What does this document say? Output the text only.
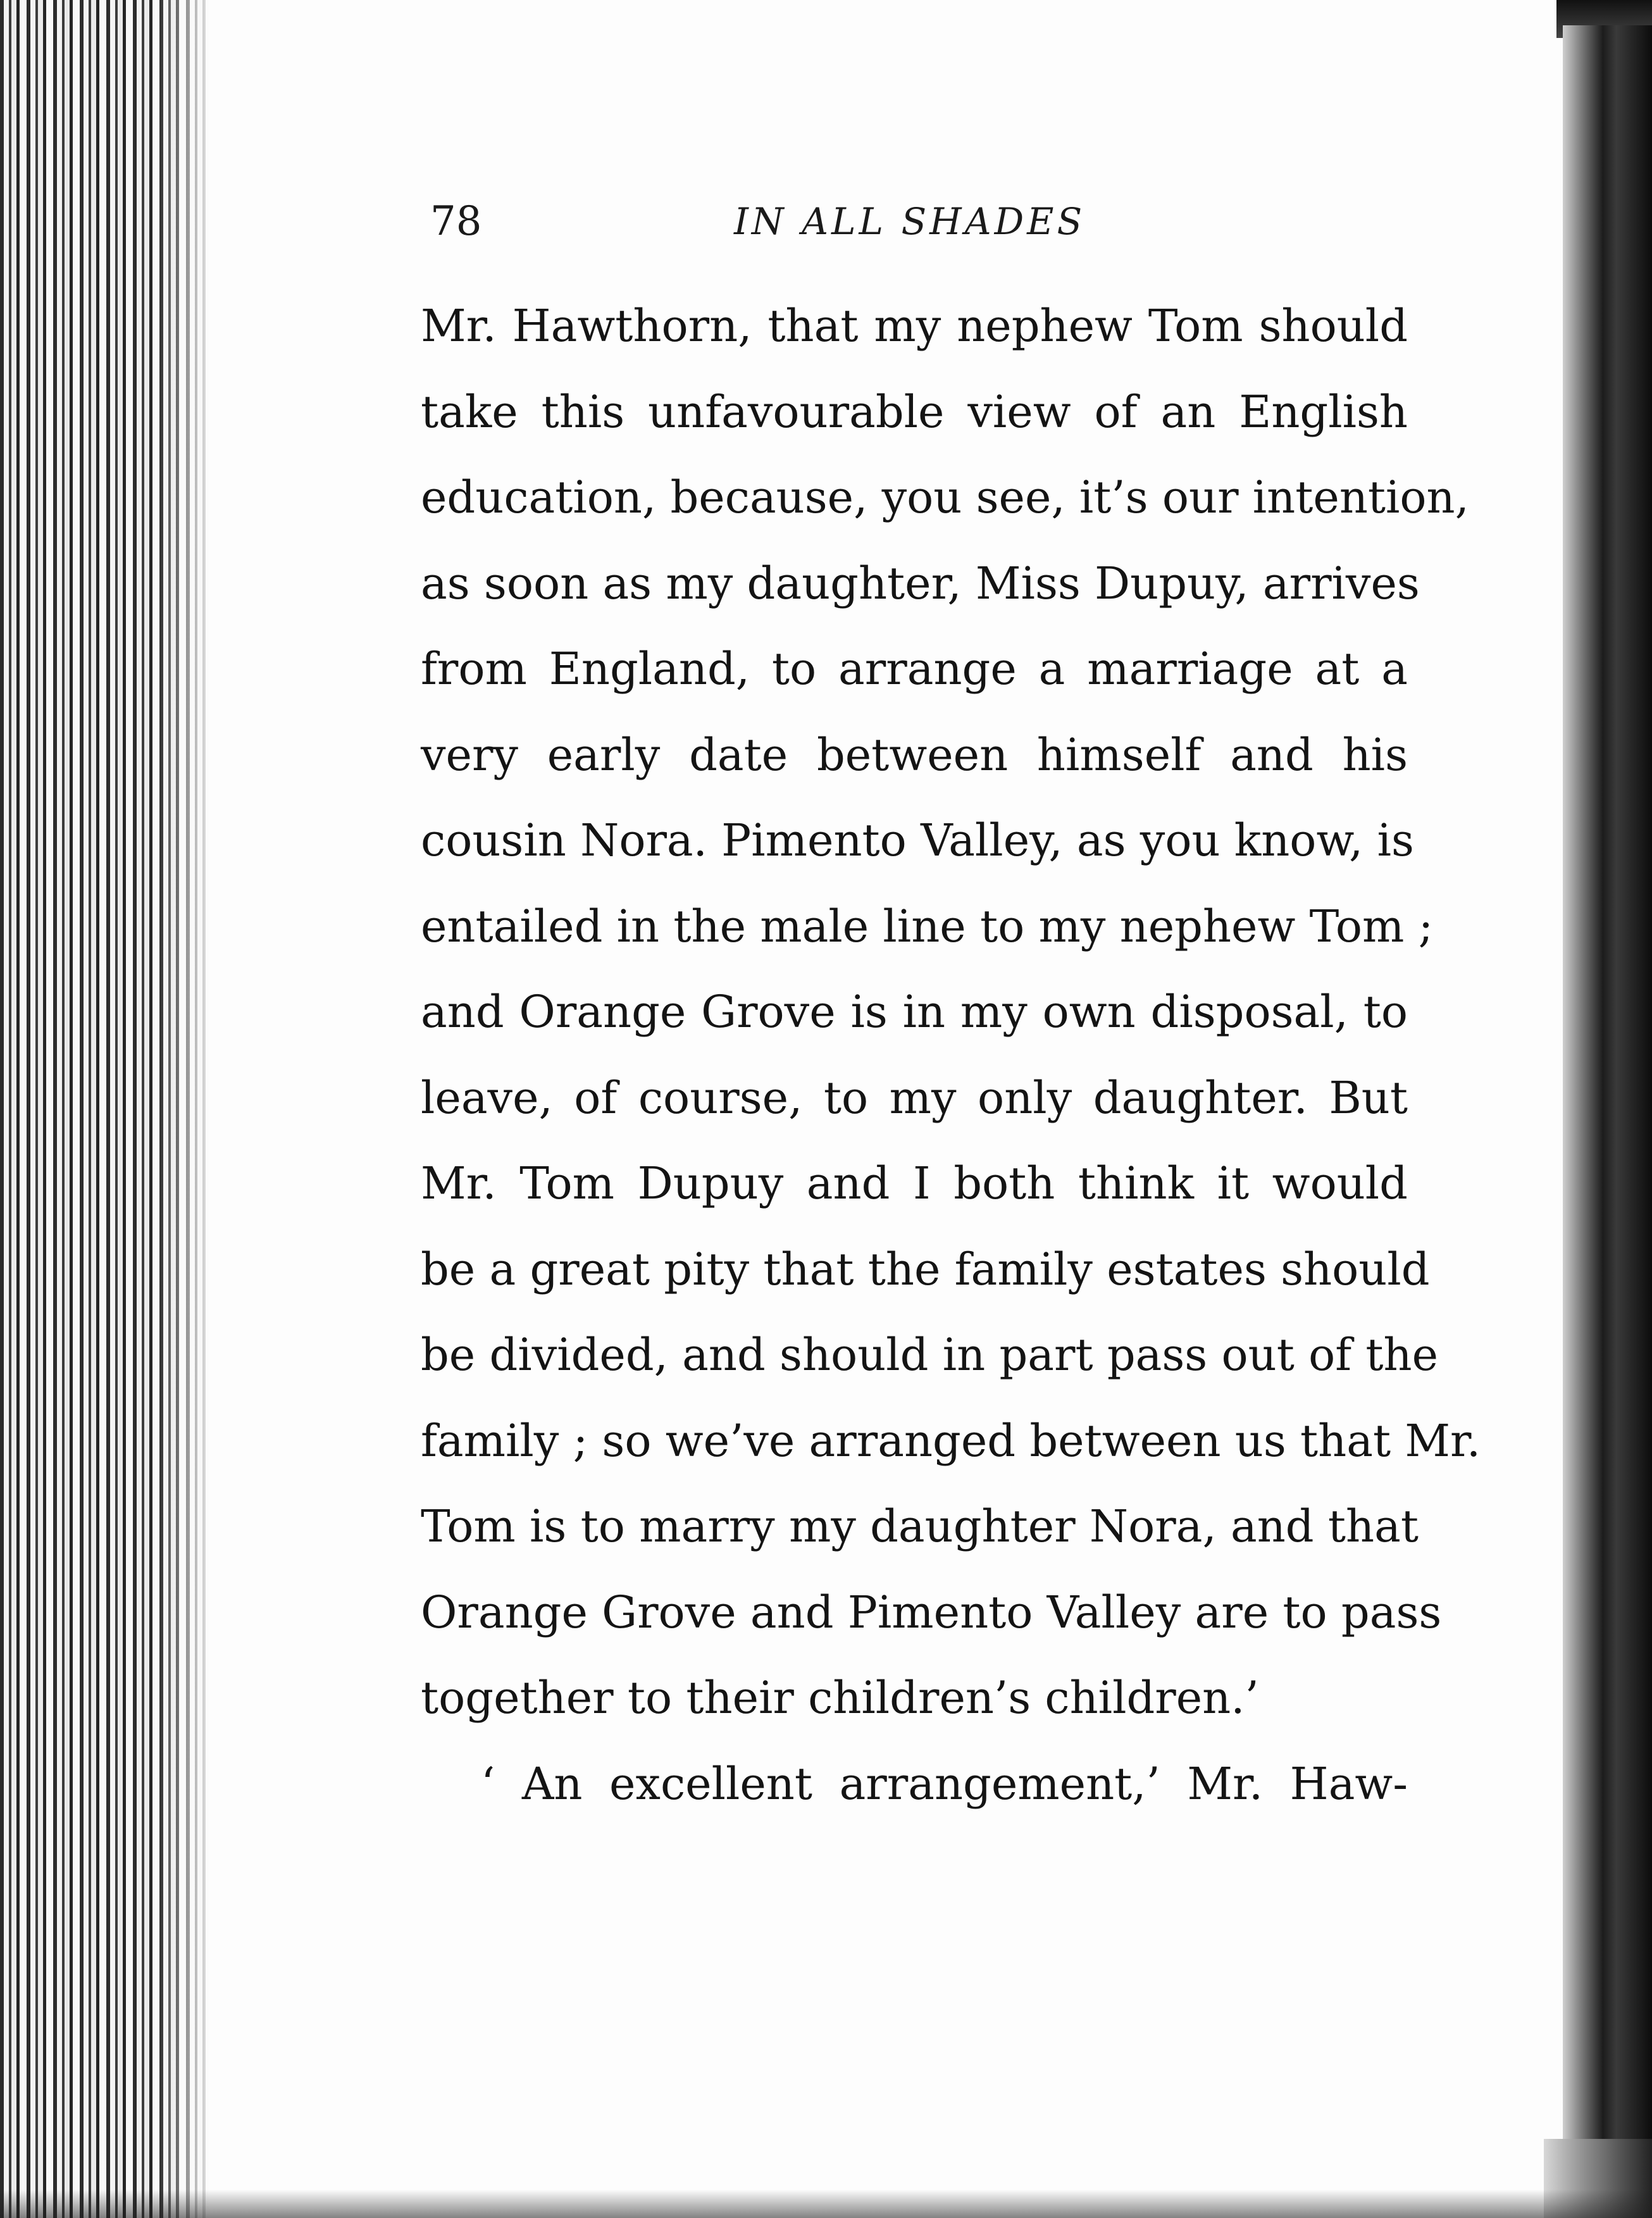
78	IN ALL SHADES
Mr. Hawthorn, that my nephew Tom should
take this unfavourable view of an English
education, because, you see, it’s our intention,
as soon as my daughter, Miss Dupuy, arrives
from England, to arrange a marriage at a
very early date between himself and his
cousin Nora. Pimento Valley, as you know, is
entailed in the male line to my nephew Tom ;
and Orange Grove is in my own disposal, to
leave, of course, to my only daughter. But
Mr. Tom Dupuy and I both think it would
be a great pity that the family estates should
be divided, and should in part pass out of the
family ; so we’ve arranged between us that Mr.
Tom is to marry my daughter Nora, and that
Orange Grove and Pimento Valley are to pass
together to their children’s children.’
‘ An excellent arrangement,’ Mr. Haw-
